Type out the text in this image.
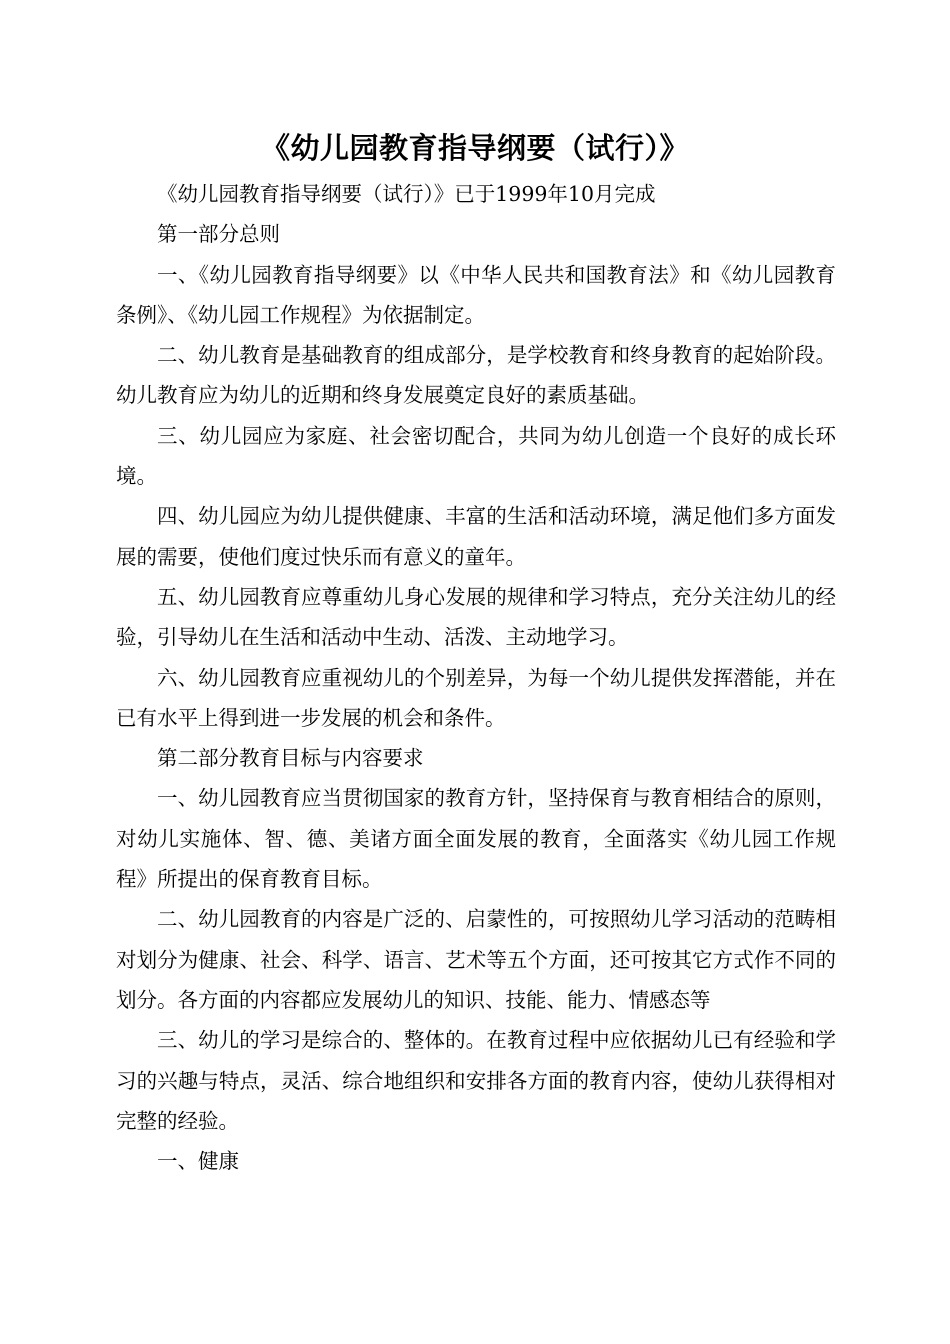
《幼儿园教育指导纲要（试行）》

《幼儿园教育指导纲要（试行）》已于1999年10月完成

第一部分总则

一、《幼儿园教育指导纲要》以《中华人民共和国教育法》和《幼儿园教育条例》、《幼儿园工作规程》为依据制定。

二、幼儿教育是基础教育的组成部分，是学校教育和终身教育的起始阶段。幼儿教育应为幼儿的近期和终身发展奠定良好的素质基础。

三、幼儿园应为家庭、社会密切配合，共同为幼儿创造一个良好的成长环境。

四、幼儿园应为幼儿提供健康、丰富的生活和活动环境，满足他们多方面发展的需要，使他们度过快乐而有意义的童年。

五、幼儿园教育应尊重幼儿身心发展的规律和学习特点，充分关注幼儿的经验，引导幼儿在生活和活动中生动、活泼、主动地学习。

六、幼儿园教育应重视幼儿的个别差异，为每一个幼儿提供发挥潜能，并在已有水平上得到进一步发展的机会和条件。

第二部分教育目标与内容要求

一、幼儿园教育应当贯彻国家的教育方针，坚持保育与教育相结合的原则，对幼儿实施体、智、德、美诸方面全面发展的教育，全面落实《幼儿园工作规程》所提出的保育教育目标。

二、幼儿园教育的内容是广泛的、启蒙性的，可按照幼儿学习活动的范畴相对划分为健康、社会、科学、语言、艺术等五个方面，还可按其它方式作不同的划分。各方面的内容都应发展幼儿的知识、技能、能力、情感态等

三、幼儿的学习是综合的、整体的。在教育过程中应依据幼儿已有经验和学习的兴趣与特点，灵活、综合地组织和安排各方面的教育内容，使幼儿获得相对完整的经验。

一、健康
